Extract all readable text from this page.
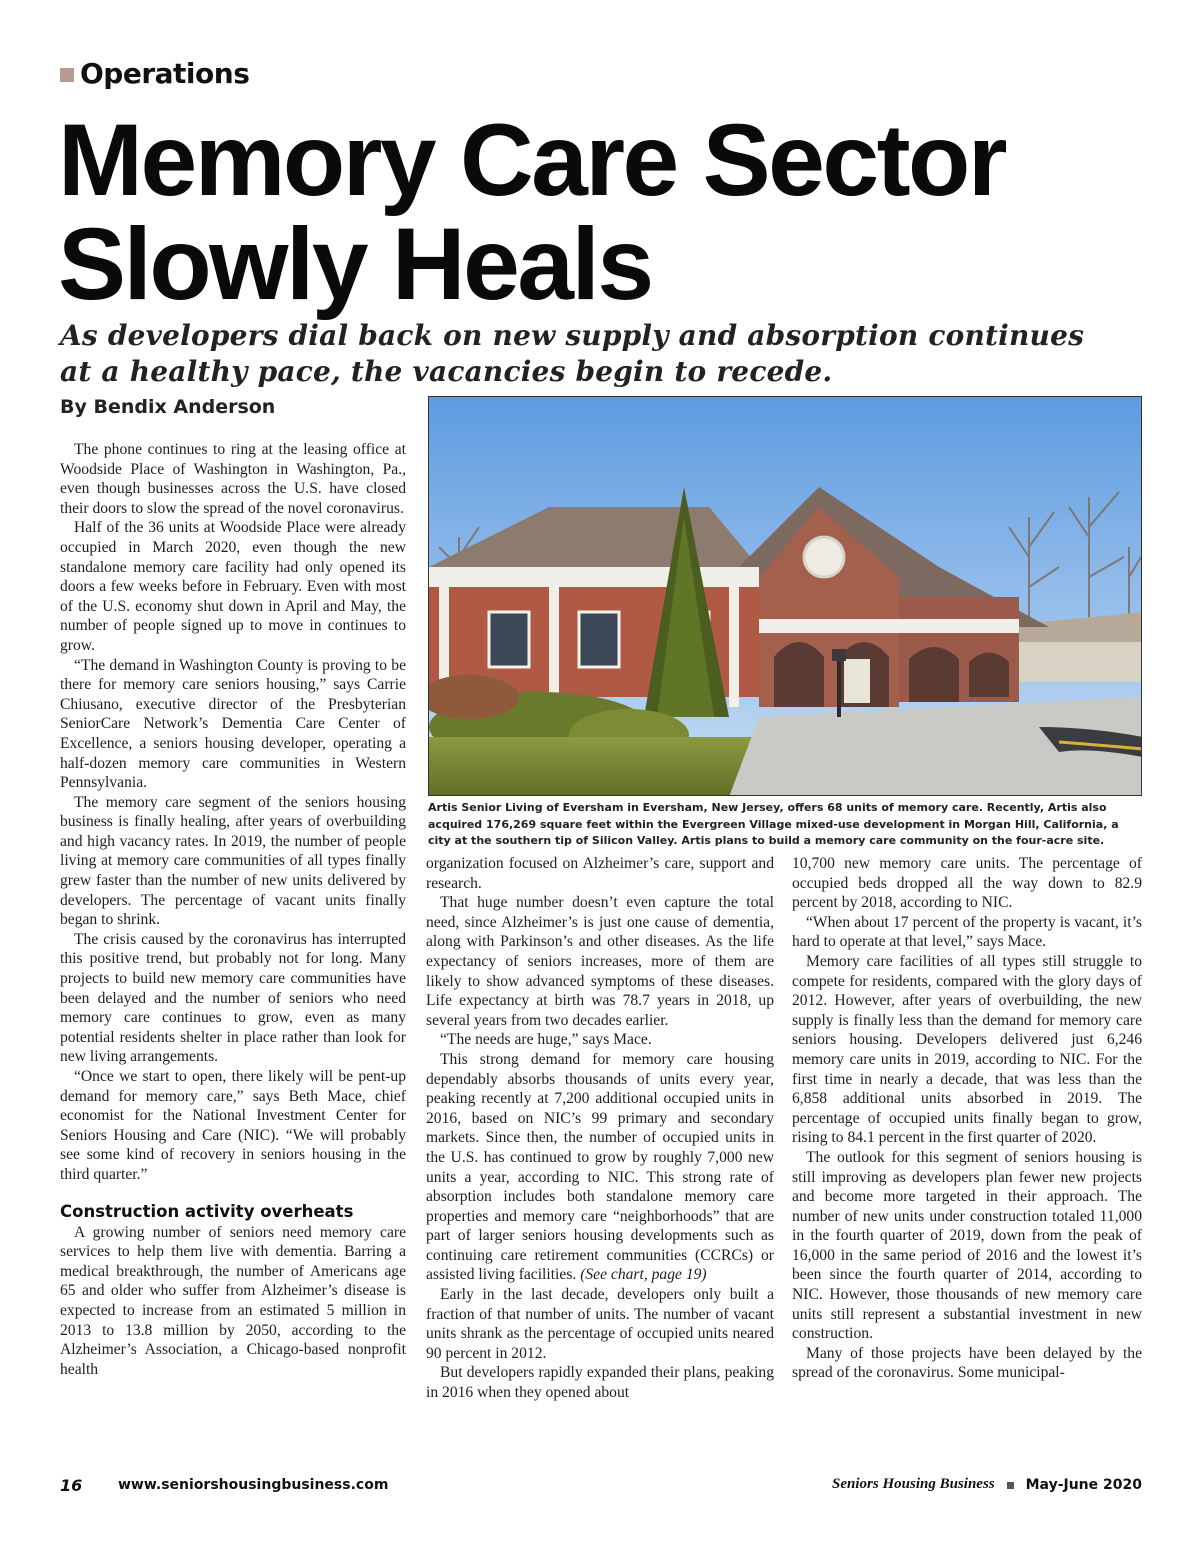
Operations
Memory Care Sector
Slowly Heals
As developers dial back on new supply and absorption continues
at a healthy pace, the vacancies begin to recede.
By Bendix Anderson
Artis Senior Living of Eversham in Eversham, New Jersey, offers 68 units of memory care. Recently, Artis also acquired 176,269 square feet within the Evergreen Village mixed-use development in Morgan Hill, California, a city at the southern tip of Silicon Valley. Artis plans to build a memory care community on the four-acre site.

The phone continues to ring at the leasing office at Woodside Place of Washington in Washington, Pa., even though businesses across the U.S. have closed their doors to slow the spread of the novel coronavirus.

Half of the 36 units at Woodside Place were already occupied in March 2020, even though the new standalone memory care facility had only opened its doors a few weeks before in February. Even with most of the U.S. economy shut down in April and May, the number of people signed up to move in continues to grow.

“The demand in Washington County is proving to be there for memory care seniors housing,” says Carrie Chiusano, executive director of the Presbyterian SeniorCare Network’s Dementia Care Center of Excellence, a seniors housing developer, operating a half-dozen memory care communities in Western Pennsylvania.

The memory care segment of the seniors housing business is finally healing, after years of overbuilding and high vacancy rates. In 2019, the number of people living at memory care communities of all types finally grew faster than the number of new units delivered by developers. The percentage of vacant units finally began to shrink.

The crisis caused by the coronavirus has interrupted this positive trend, but probably not for long. Many projects to build new memory care communities have been delayed and the number of seniors who need memory care continues to grow, even as many potential residents shelter in place rather than look for new living arrangements.

“Once we start to open, there likely will be pent-up demand for memory care,” says Beth Mace, chief economist for the National Investment Center for Seniors Housing and Care (NIC). “We will probably see some kind of recovery in seniors housing in the third quarter.”

Construction activity overheats

A growing number of seniors need memory care services to help them live with dementia. Barring a medical breakthrough, the number of Americans age 65 and older who suffer from Alzheimer’s disease is expected to increase from an estimated 5 million in 2013 to 13.8 million by 2050, according to the Alzheimer’s Association, a Chicago-based nonprofit health

organization focused on Alzheimer’s care, support and research.

That huge number doesn’t even capture the total need, since Alzheimer’s is just one cause of dementia, along with Parkinson’s and other diseases. As the life expectancy of seniors increases, more of them are likely to show advanced symptoms of these diseases. Life expectancy at birth was 78.7 years in 2018, up several years from two decades earlier.

“The needs are huge,” says Mace.

This strong demand for memory care housing dependably absorbs thousands of units every year, peaking recently at 7,200 additional occupied units in 2016, based on NIC’s 99 primary and secondary markets. Since then, the number of occupied units in the U.S. has continued to grow by roughly 7,000 new units a year, according to NIC. This strong rate of absorption includes both standalone memory care properties and memory care “neighborhoods” that are part of larger seniors housing developments such as continuing care retirement communities (CCRCs) or assisted living facilities. (See chart, page 19)

Early in the last decade, developers only built a fraction of that number of units. The number of vacant units shrank as the percentage of occupied units neared 90 percent in 2012.

But developers rapidly expanded their plans, peaking in 2016 when they opened about

10,700 new memory care units. The percentage of occupied beds dropped all the way down to 82.9 percent by 2018, according to NIC.

“When about 17 percent of the property is vacant, it’s hard to operate at that level,” says Mace.

Memory care facilities of all types still struggle to compete for residents, compared with the glory days of 2012. However, after years of overbuilding, the new supply is finally less than the demand for memory care seniors housing. Developers delivered just 6,246 memory care units in 2019, according to NIC. For the first time in nearly a decade, that was less than the 6,858 additional units absorbed in 2019. The percentage of occupied units finally began to grow, rising to 84.1 percent in the first quarter of 2020.

The outlook for this segment of seniors housing is still improving as developers plan fewer new projects and become more targeted in their approach. The number of new units under construction totaled 11,000 in the fourth quarter of 2019, down from the peak of 16,000 in the same period of 2016 and the lowest it’s been since the fourth quarter of 2014, according to NIC. However, those thousands of new memory care units still represent a substantial investment in new construction.

Many of those projects have been delayed by the spread of the coronavirus. Some municipal-

16	www.seniorshousingbusiness.com	Seniors Housing Business May-June 2020
